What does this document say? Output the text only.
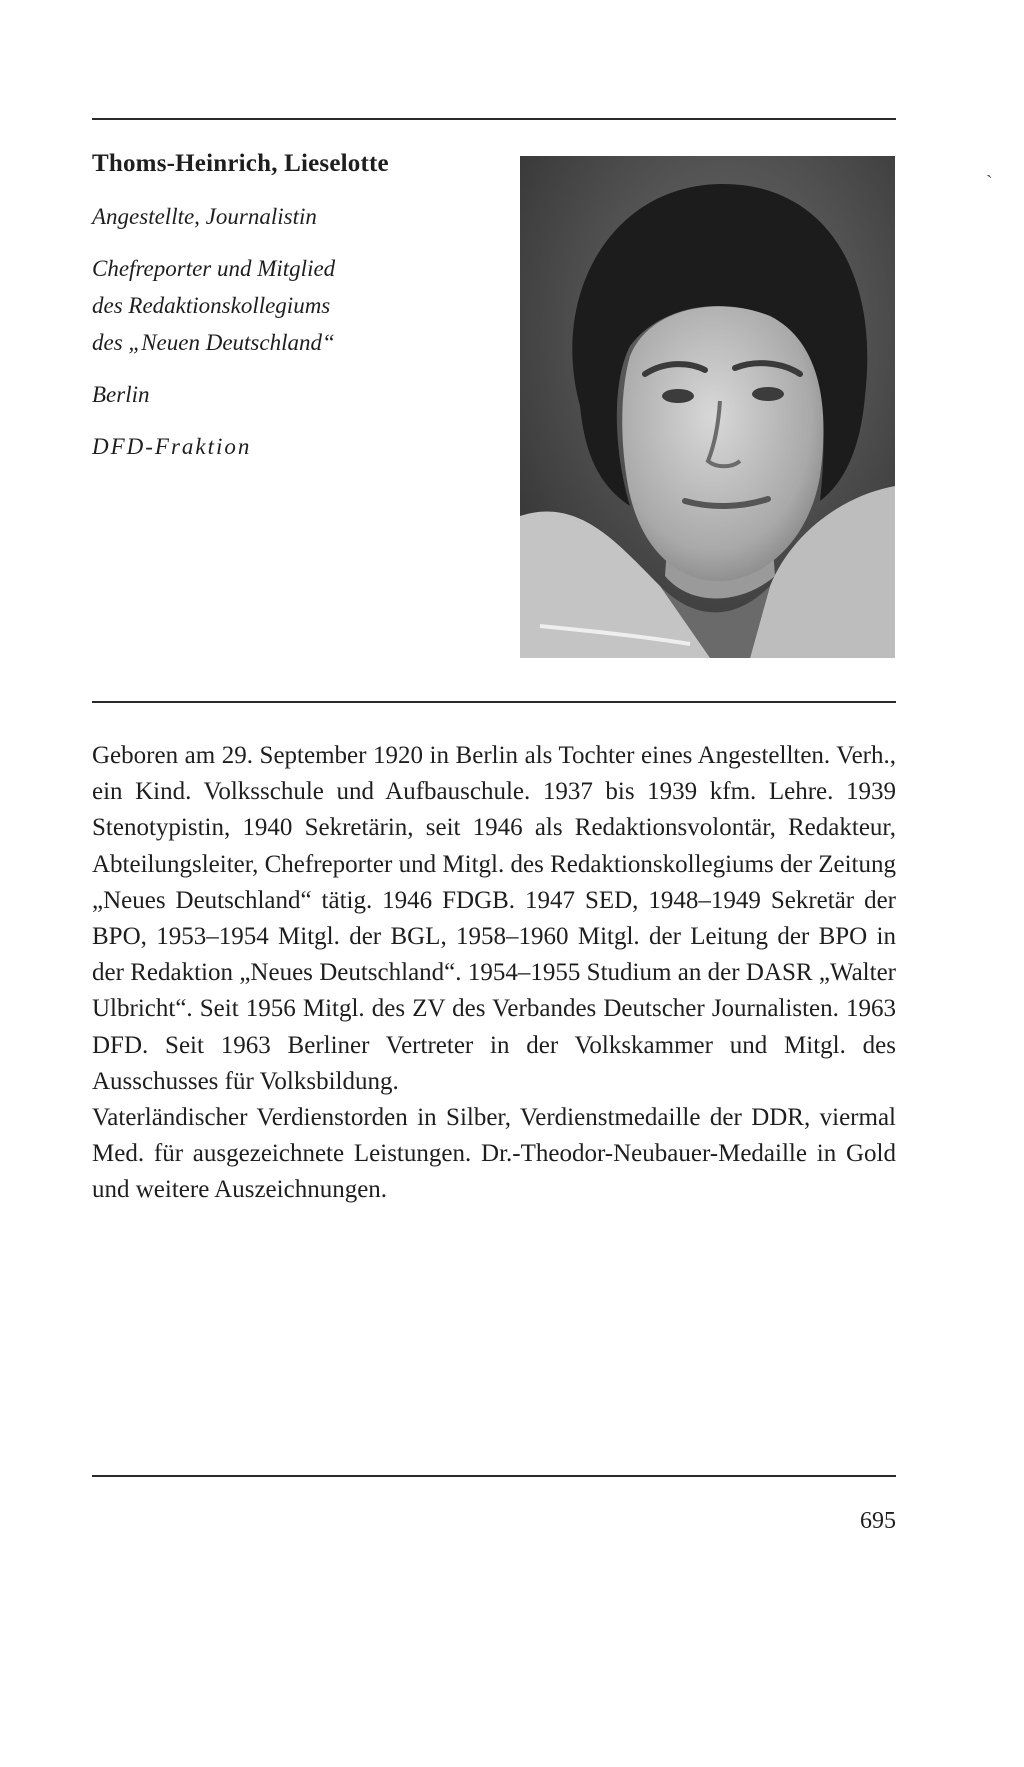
Thoms-Heinrich, Lieselotte
Angestellte, Journalistin
Chefreporter und Mitglied
des Redaktionskollegiums
des „Neuen Deutschland“
Berlin
DFD-Fraktion
`

Geboren am 29. September 1920 in Berlin als Tochter eines Angestellten. Verh., ein Kind. Volksschule und Aufbauschule. 1937 bis 1939 kfm. Lehre. 1939 Stenotypistin, 1940 Sekretärin, seit 1946 als Redaktionsvolontär, Redakteur, Abteilungsleiter, Chefreporter und Mitgl. des Redaktionskollegiums der Zeitung „Neues Deutschland“ tätig. 1946 FDGB. 1947 SED, 1948–1949 Sekretär der BPO, 1953–1954 Mitgl. der BGL, 1958–1960 Mitgl. der Leitung der BPO in der Redaktion „Neues Deutschland“. 1954–1955 Studium an der DASR „Walter Ulbricht“. Seit 1956 Mitgl. des ZV des Verbandes Deutscher Journalisten. 1963 DFD. Seit 1963 Berliner Vertreter in der Volkskammer und Mitgl. des Ausschusses für Volksbildung.

Vaterländischer Verdienstorden in Silber, Verdienstmedaille der DDR, viermal Med. für ausgezeichnete Leistungen. Dr.-Theodor-Neubauer-Medaille in Gold und weitere Auszeichnungen.

695
